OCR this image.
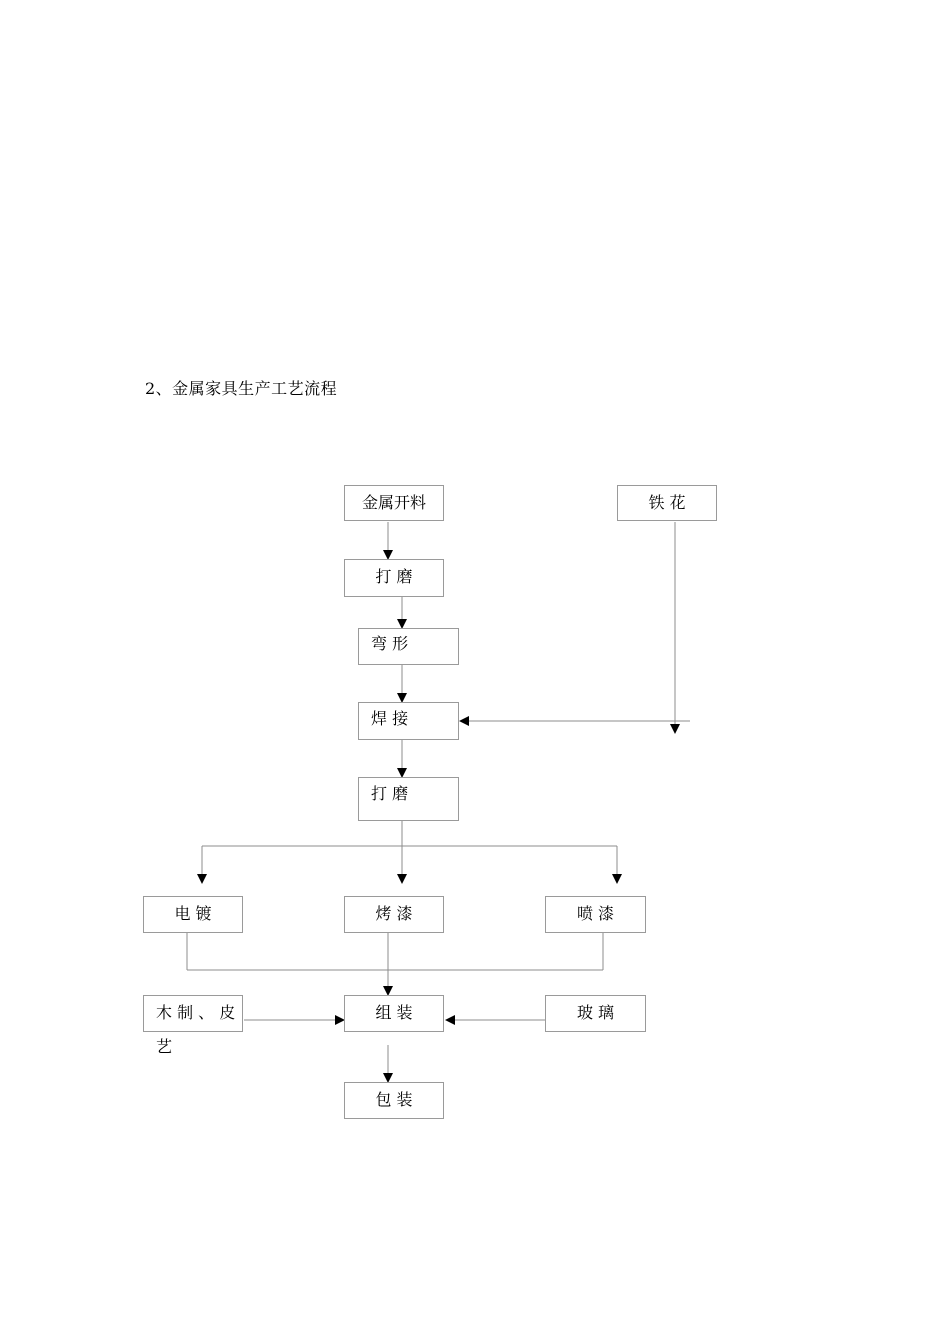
2、金属家具生产工艺流程
金属开料	铁 花
打 磨
弯 形
焊 接
打 磨
电 镀	烤 漆	喷 漆
木 制 、 皮 艺
组 装	玻 璃
包 装
